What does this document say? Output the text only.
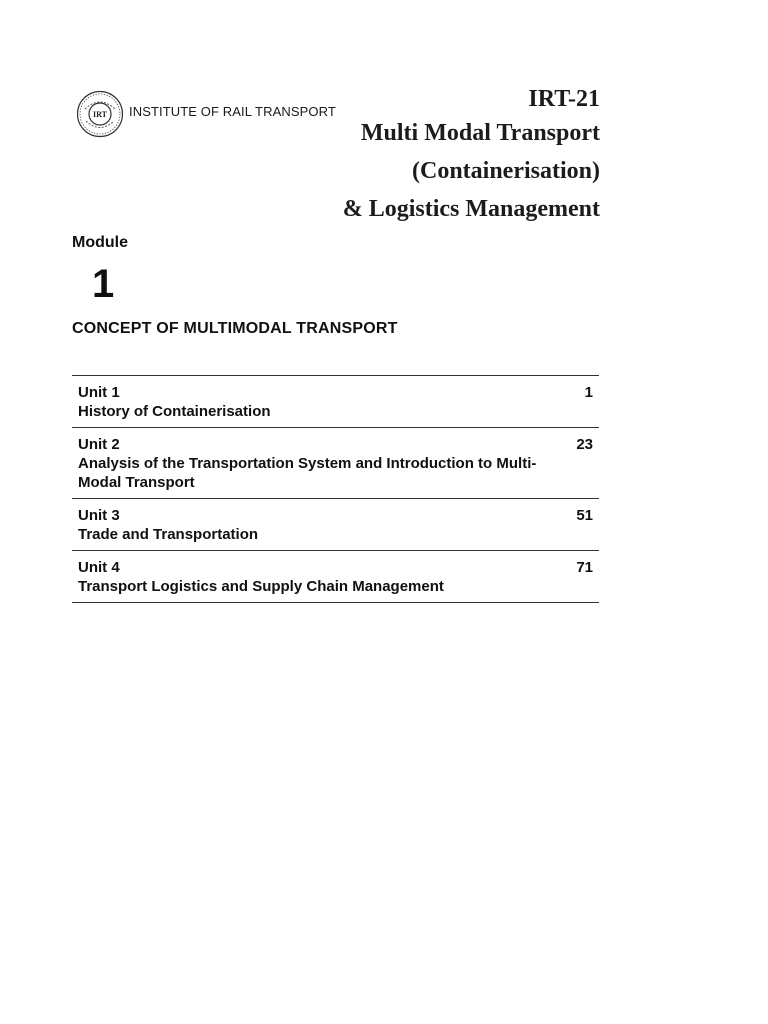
IRT INSTITUTE OF RAIL TRANSPORT	IRT-21
Multi Modal Transport
(Containerisation)
& Logistics Management
Module
1
CONCEPT OF MULTIMODAL TRANSPORT
Unit 1
History of Containerisation
1
Unit 2
Analysis of the Transportation System and Introduction to Multi-Modal Transport
23
Unit 3
Trade and Transportation
51
Unit 4
Transport Logistics and Supply Chain Management
71
